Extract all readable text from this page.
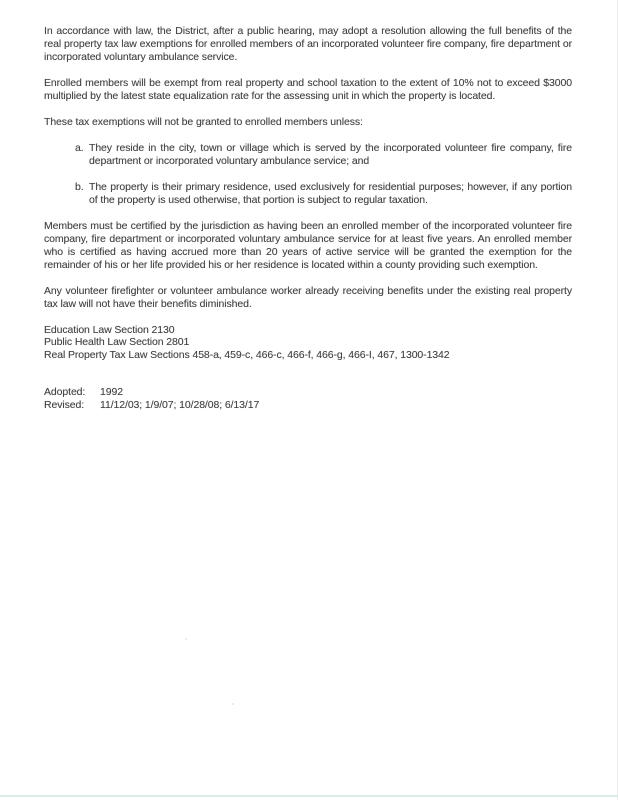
In accordance with law, the District, after a public hearing, may adopt a resolution allowing the full benefits of the real property tax law exemptions for enrolled members of an incorporated volunteer fire company, fire department or incorporated voluntary ambulance service.

Enrolled members will be exempt from real property and school taxation to the extent of 10% not to exceed $3000 multiplied by the latest state equalization rate for the assessing unit in which the property is located.

These tax exemptions will not be granted to enrolled members unless:

a. They reside in the city, town or village which is served by the incorporated volunteer fire company, fire department or incorporated voluntary ambulance service; and
b. The property is their primary residence, used exclusively for residential purposes; however, if any portion of the property is used otherwise, that portion is subject to regular taxation.

Members must be certified by the jurisdiction as having been an enrolled member of the incorporated volunteer fire company, fire department or incorporated voluntary ambulance service for at least five years. An enrolled member who is certified as having accrued more than 20 years of active service will be granted the exemption for the remainder of his or her life provided his or her residence is located within a county providing such exemption.

Any volunteer firefighter or volunteer ambulance worker already receiving benefits under the existing real property tax law will not have their benefits diminished.

Education Law Section 2130
Public Health Law Section 2801
Real Property Tax Law Sections 458-a, 459-c, 466-c, 466-f, 466-g, 466-I, 467, 1300-1342
Adopted: 1992
Revised: 11/12/03; 1/9/07; 10/28/08; 6/13/17
